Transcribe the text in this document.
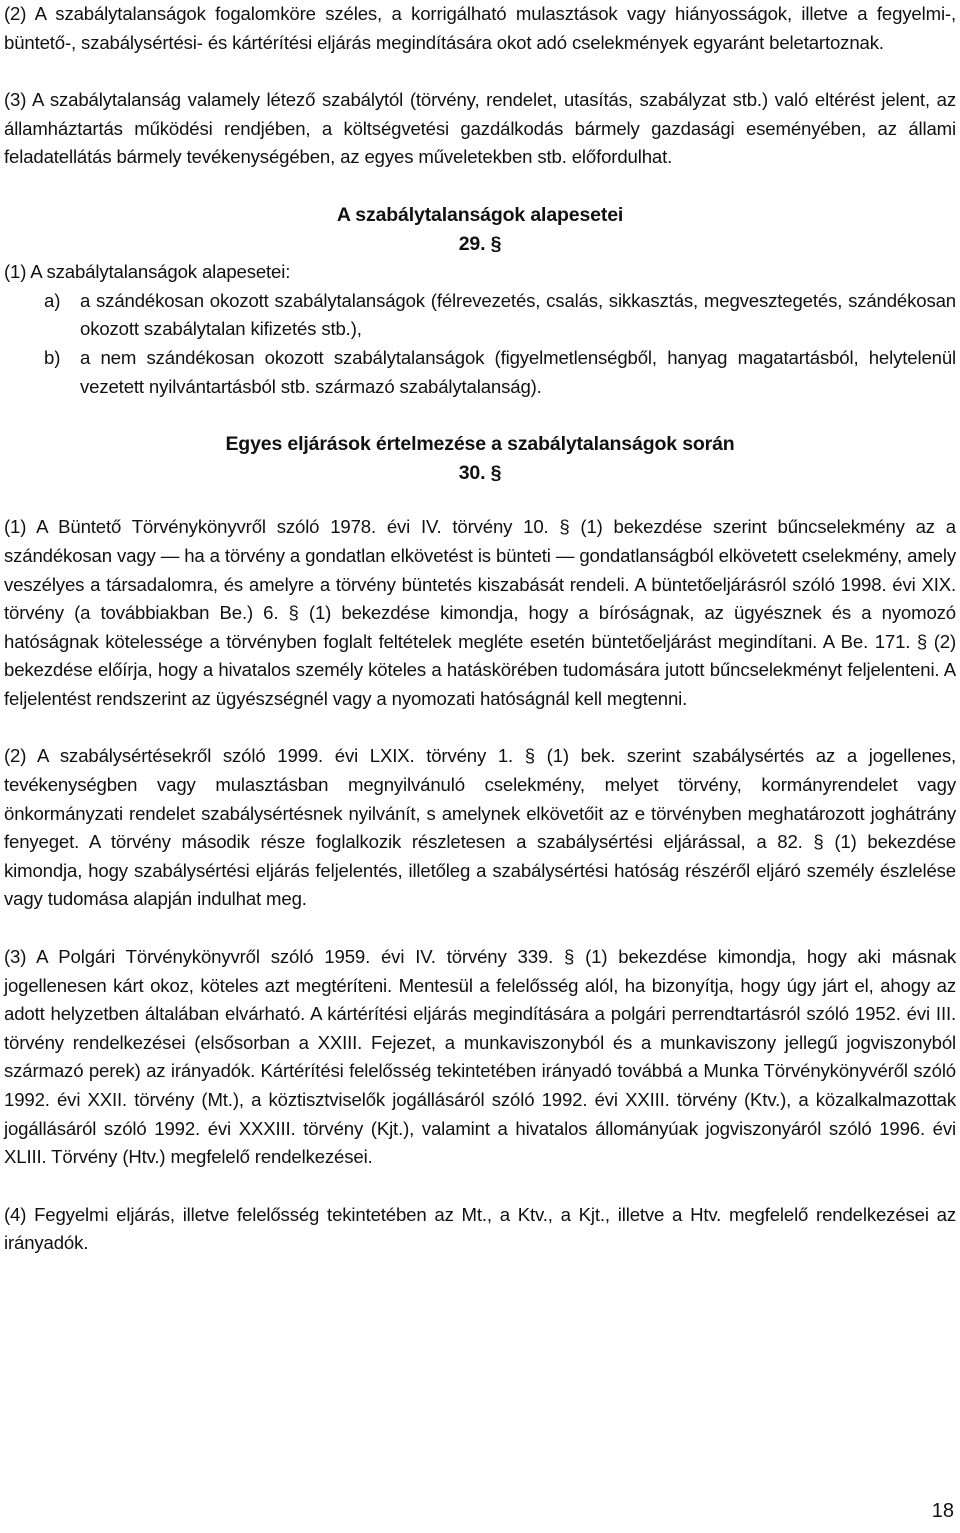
(2) A szabálytalanságok fogalomköre széles, a korrigálható mulasztások vagy hiányosságok, illetve a fegyelmi-, büntető-, szabálysértési- és kártérítési eljárás megindítására okot adó cselekmények egyaránt beletartoznak.

(3) A szabálytalanság valamely létező szabálytól (törvény, rendelet, utasítás, szabályzat stb.) való eltérést jelent, az államháztartás működési rendjében, a költségvetési gazdálkodás bármely gazdasági eseményében, az állami feladatellátás bármely tevékenységében, az egyes műveletekben stb. előfordulhat.

A szabálytalanságok alapesetei
29. §

(1) A szabálytalanságok alapesetei:

a) a szándékosan okozott szabálytalanságok (félrevezetés, csalás, sikkasztás, megvesztegetés, szándékosan okozott szabálytalan kifizetés stb.),
b) a nem szándékosan okozott szabálytalanságok (figyelmetlenségből, hanyag magatartásból, helytelenül vezetett nyilvántartásból stb. származó szabálytalanság).
Egyes eljárások értelmezése a szabálytalanságok során
30. §

(1) A Büntető Törvénykönyvről szóló 1978. évi IV. törvény 10. § (1) bekezdése szerint bűncselekmény az a szándékosan vagy ― ha a törvény a gondatlan elkövetést is bünteti ― gondatlanságból elkövetett cselekmény, amely veszélyes a társadalomra, és amelyre a törvény büntetés kiszabását rendeli. A büntetőeljárásról szóló 1998. évi XIX. törvény (a továbbiakban Be.) 6. § (1) bekezdése kimondja, hogy a bíróságnak, az ügyésznek és a nyomozó hatóságnak kötelessége a törvényben foglalt feltételek megléte esetén büntetőeljárást megindítani. A Be. 171. § (2) bekezdése előírja, hogy a hivatalos személy köteles a hatáskörében tudomására jutott bűncselekményt feljelenteni. A feljelentést rendszerint az ügyészségnél vagy a nyomozati hatóságnál kell megtenni.

(2) A szabálysértésekről szóló 1999. évi LXIX. törvény 1. § (1) bek. szerint szabálysértés az a jogellenes, tevékenységben vagy mulasztásban megnyilvánuló cselekmény, melyet törvény, kormányrendelet vagy önkormányzati rendelet szabálysértésnek nyilvánít, s amelynek elkövetőit az e törvényben meghatározott joghátrány fenyeget. A törvény második része foglalkozik részletesen a szabálysértési eljárással, a 82. § (1) bekezdése kimondja, hogy szabálysértési eljárás feljelentés, illetőleg a szabálysértési hatóság részéről eljáró személy észlelése vagy tudomása alapján indulhat meg.

(3) A Polgári Törvénykönyvről szóló 1959. évi IV. törvény 339. § (1) bekezdése kimondja, hogy aki másnak jogellenesen kárt okoz, köteles azt megtéríteni. Mentesül a felelősség alól, ha bizonyítja, hogy úgy járt el, ahogy az adott helyzetben általában elvárható. A kártérítési eljárás megindítására a polgári perrendtartásról szóló 1952. évi III. törvény rendelkezései (elsősorban a XXIII. Fejezet, a munkaviszonyból és a munkaviszony jellegű jogviszonyból származó perek) az irányadók. Kártérítési felelősség tekintetében irányadó továbbá a Munka Törvénykönyvéről szóló 1992. évi XXII. törvény (Mt.), a köztisztviselők jogállásáról szóló 1992. évi XXIII. törvény (Ktv.), a közalkalmazottak jogállásáról szóló 1992. évi XXXIII. törvény (Kjt.), valamint a hivatalos állományúak jogviszonyáról szóló 1996. évi XLIII. Törvény (Htv.) megfelelő rendelkezései.

(4) Fegyelmi eljárás, illetve felelősség tekintetében az Mt., a Ktv., a Kjt., illetve a Htv. megfelelő rendelkezései az irányadók.

18
